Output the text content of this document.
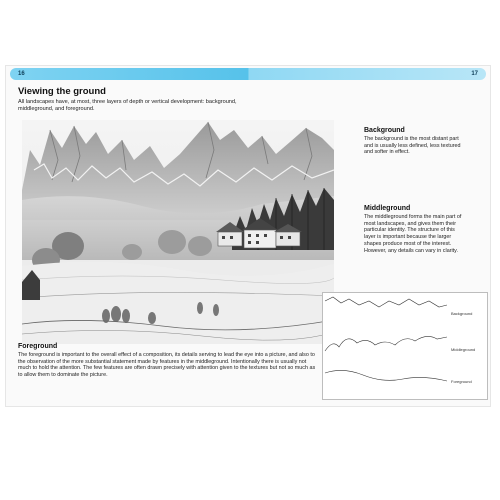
16	17
Viewing the ground
All landscapes have, at most, three layers of depth or vertical development: background, middleground, and foreground.
Background
The background is the most distant part and is usually less defined, less textured and softer in effect.
Middleground
The middleground forms the main part of most landscapes, and gives them their particular identity. The structure of this layer is important because the larger shapes produce most of the interest. However, any details can vary in clarity.
Foreground
The foreground is important to the overall effect of a composition, its details serving to lead the eye into a picture, and also to the observation of the more substantial statement made by features in the middleground. Intentionally there is usually not much to hold the attention. The few features are often drawn precisely with attention given to the textures but not so much as to allow them to dominate the picture.
Background
Middleground
Foreground
